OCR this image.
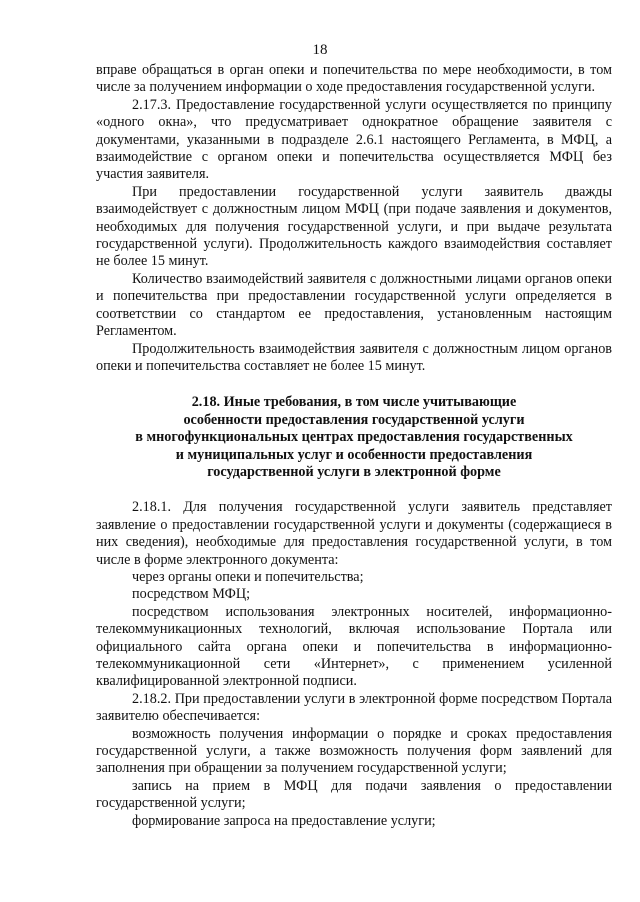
18

вправе обращаться в орган опеки и попечительства по мере необходимости, в том числе за получением информации о ходе предоставления государственной услуги.

2.17.3. Предоставление государственной услуги осуществляется по принципу «одного окна», что предусматривает однократное обращение заявителя с документами, указанными в подразделе 2.6.1 настоящего Регламента, в МФЦ, а взаимодействие с органом опеки и попечительства осуществляется МФЦ без участия заявителя.

При предоставлении государственной услуги заявитель дважды взаимодействует с должностным лицом МФЦ (при подаче заявления и документов, необходимых для получения государственной услуги, и при выдаче результата государственной услуги). Продолжительность каждого взаимодействия составляет не более 15 минут.

Количество взаимодействий заявителя с должностными лицами органов опеки и попечительства при предоставлении государственной услуги определяется в соответствии со стандартом ее предоставления, установленным настоящим Регламентом.

Продолжительность взаимодействия заявителя с должностным лицом органов опеки и попечительства составляет не более 15 минут.

2.18. Иные требования, в том числе учитывающие
особенности предоставления государственной услуги
в многофункциональных центрах предоставления государственных
и муниципальных услуг и особенности предоставления
государственной услуги в электронной форме

2.18.1. Для получения государственной услуги заявитель представляет заявление о предоставлении государственной услуги и документы (содержащиеся в них сведения), необходимые для предоставления государственной услуги, в том числе в форме электронного документа:

через органы опеки и попечительства;

посредством МФЦ;

посредством использования электронных носителей, информационно-телекоммуникационных технологий, включая использование Портала или официального сайта органа опеки и попечительства в информационно-телекоммуникационной сети «Интернет», с применением усиленной квалифицированной электронной подписи.

2.18.2. При предоставлении услуги в электронной форме посредством Портала заявителю обеспечивается:

возможность получения информации о порядке и сроках предоставления государственной услуги, а также возможность получения форм заявлений для заполнения при обращении за получением государственной услуги;

запись на прием в МФЦ для подачи заявления о предоставлении государственной услуги;

формирование запроса на предоставление услуги;
